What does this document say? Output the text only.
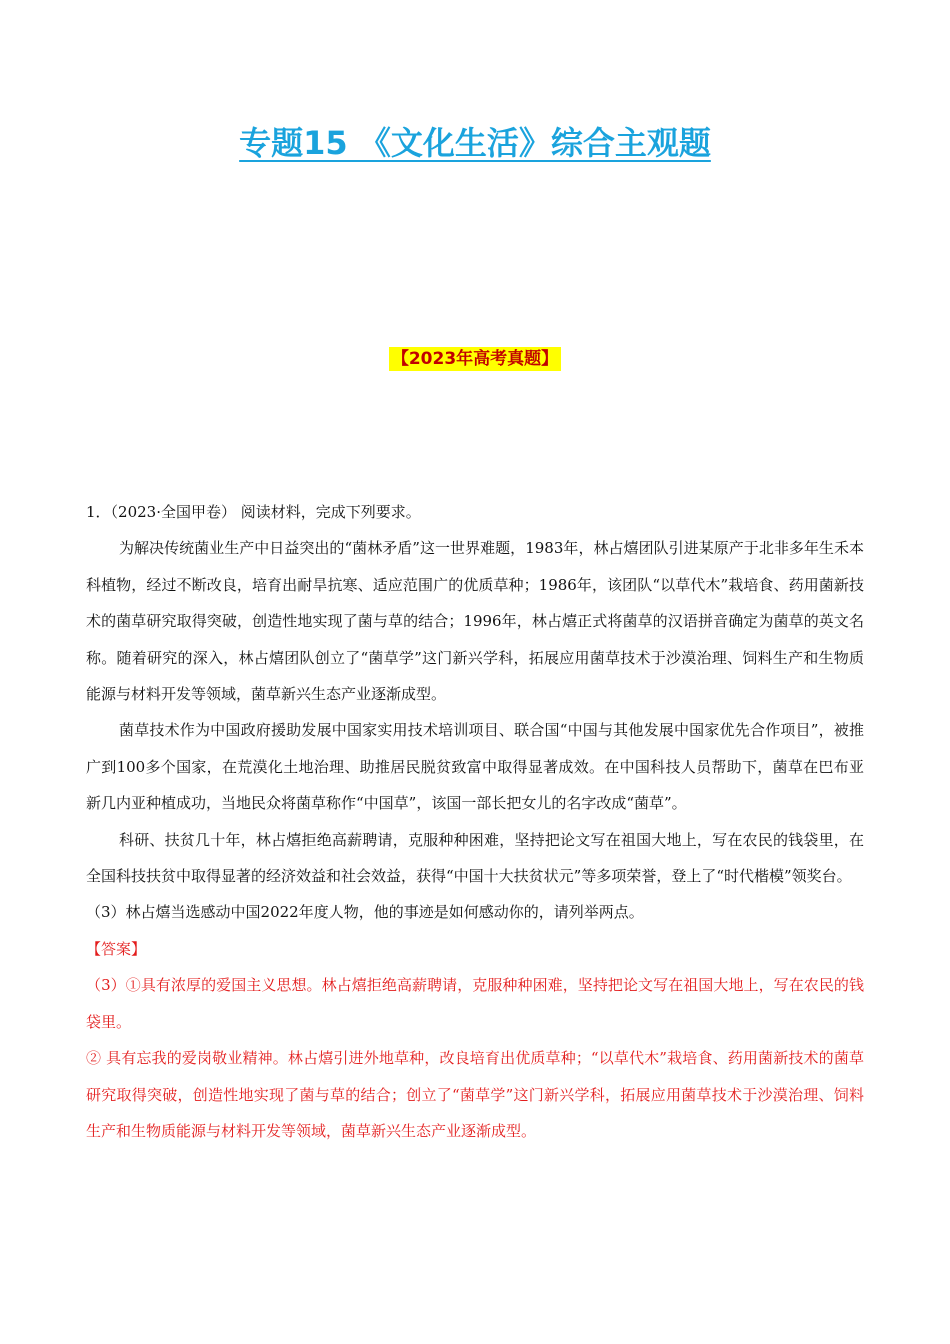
专题15 《文化生活》综合主观题
【2023年高考真题】

1．（2023·全国甲卷） 阅读材料，完成下列要求。

为解决传统菌业生产中日益突出的“菌林矛盾”这一世界难题，1983年，林占熺团队引进某原产于北非多年生禾本科植物，经过不断改良，培育出耐旱抗寒、适应范围广的优质草种；1986年，该团队“以草代木”栽培食、药用菌新技术的菌草研究取得突破，创造性地实现了菌与草的结合；1996年，林占熺正式将菌草的汉语拼音确定为菌草的英文名称。随着研究的深入，林占熺团队创立了“菌草学”这门新兴学科，拓展应用菌草技术于沙漠治理、饲料生产和生物质能源与材料开发等领域，菌草新兴生态产业逐渐成型。

菌草技术作为中国政府援助发展中国家实用技术培训项目、联合国“中国与其他发展中国家优先合作项目”，被推广到100多个国家，在荒漠化土地治理、助推居民脱贫致富中取得显著成效。在中国科技人员帮助下，菌草在巴布亚新几内亚种植成功，当地民众将菌草称作“中国草”，该国一部长把女儿的名字改成“菌草”。

科研、扶贫几十年，林占熺拒绝高薪聘请，克服种种困难，坚持把论文写在祖国大地上，写在农民的钱袋里，在全国科技扶贫中取得显著的经济效益和社会效益，获得“中国十大扶贫状元”等多项荣誉，登上了“时代楷模”领奖台。

（3）林占熺当选感动中国2022年度人物，他的事迹是如何感动你的，请列举两点。

【答案】

（3）①具有浓厚的爱国主义思想。林占熺拒绝高薪聘请，克服种种困难，坚持把论文写在祖国大地上，写在农民的钱袋里。

② 具有忘我的爱岗敬业精神。林占熺引进外地草种，改良培育出优质草种；“以草代木”栽培食、药用菌新技术的菌草研究取得突破，创造性地实现了菌与草的结合；创立了“菌草学”这门新兴学科，拓展应用菌草技术于沙漠治理、饲料生产和生物质能源与材料开发等领域，菌草新兴生态产业逐渐成型。
